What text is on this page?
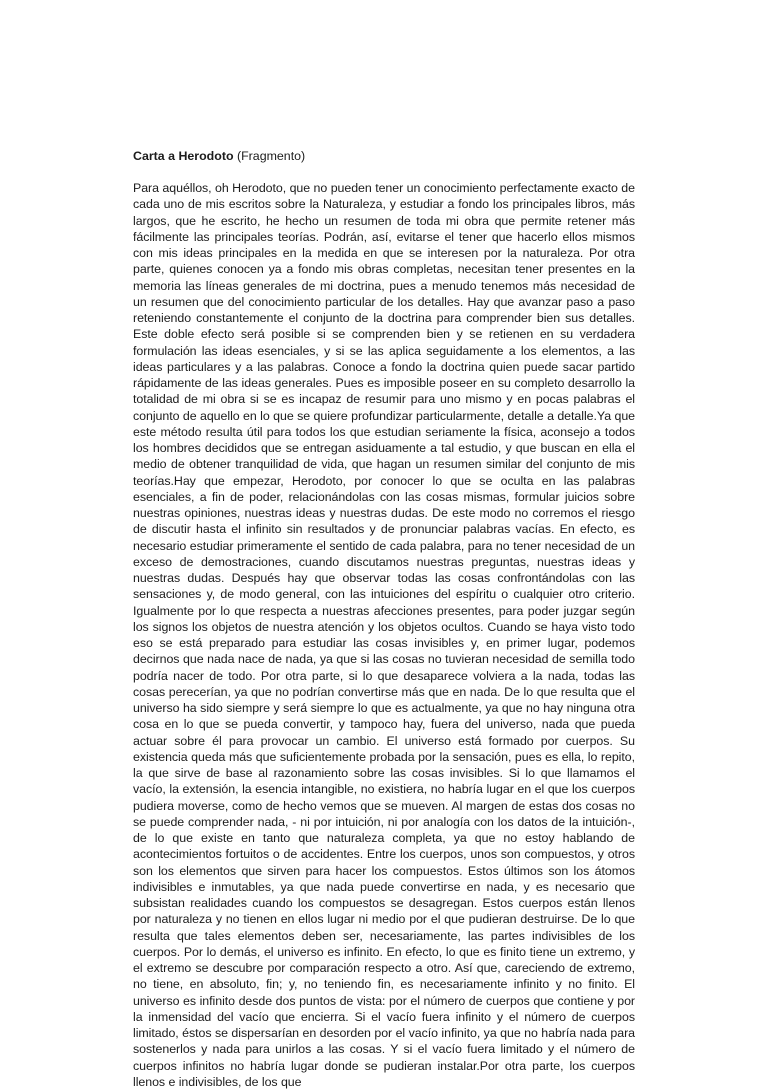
Carta a Herodoto (Fragmento)

Para aquéllos, oh Herodoto, que no pueden tener un conocimiento perfectamente exacto de cada uno de mis escritos sobre la Naturaleza, y estudiar a fondo los principales libros, más largos, que he escrito, he hecho un resumen de toda mi obra que permite retener más fácilmente las principales teorías. Podrán, así, evitarse el tener que hacerlo ellos mismos con mis ideas principales en la medida en que se interesen por la naturaleza. Por otra parte, quienes conocen ya a fondo mis obras completas, necesitan tener presentes en la memoria las líneas generales de mi doctrina, pues a menudo tenemos más necesidad de un resumen que del conocimiento particular de los detalles. Hay que avanzar paso a paso reteniendo constantemente el conjunto de la doctrina para comprender bien sus detalles. Este doble efecto será posible si se comprenden bien y se retienen en su verdadera formulación las ideas esenciales, y si se las aplica seguidamente a los elementos, a las ideas particulares y a las palabras. Conoce a fondo la doctrina quien puede sacar partido rápidamente de las ideas generales. Pues es imposible poseer en su completo desarrollo la totalidad de mi obra si se es incapaz de resumir para uno mismo y en pocas palabras el conjunto de aquello en lo que se quiere profundizar particularmente, detalle a detalle.Ya que este método resulta útil para todos los que estudian seriamente la física, aconsejo a todos los hombres decididos que se entregan asiduamente a tal estudio, y que buscan en ella el medio de obtener tranquilidad de vida, que hagan un resumen similar del conjunto de mis teorías.Hay que empezar, Herodoto, por conocer lo que se oculta en las palabras esenciales, a fin de poder, relacionándolas con las cosas mismas, formular juicios sobre nuestras opiniones, nuestras ideas y nuestras dudas. De este modo no corremos el riesgo de discutir hasta el infinito sin resultados y de pronunciar palabras vacías. En efecto, es necesario estudiar primeramente el sentido de cada palabra, para no tener necesidad de un exceso de demostraciones, cuando discutamos nuestras preguntas, nuestras ideas y nuestras dudas. Después hay que observar todas las cosas confrontándolas con las sensaciones y, de modo general, con las intuiciones del espíritu o cualquier otro criterio. Igualmente por lo que respecta a nuestras afecciones presentes, para poder juzgar según los signos los objetos de nuestra atención y los objetos ocultos. Cuando se haya visto todo eso se está preparado para estudiar las cosas invisibles y, en primer lugar, podemos decirnos que nada nace de nada, ya que si las cosas no tuvieran necesidad de semilla todo podría nacer de todo. Por otra parte, si lo que desaparece volviera a la nada, todas las cosas perecerían, ya que no podrían convertirse más que en nada. De lo que resulta que el universo ha sido siempre y será siempre lo que es actualmente, ya que no hay ninguna otra cosa en lo que se pueda convertir, y tampoco hay, fuera del universo, nada que pueda actuar sobre él para provocar un cambio. El universo está formado por cuerpos. Su existencia queda más que suficientemente probada por la sensación, pues es ella, lo repito, la que sirve de base al razonamiento sobre las cosas invisibles. Si lo que llamamos el vacío, la extensión, la esencia intangible, no existiera, no habría lugar en el que los cuerpos pudiera moverse, como de hecho vemos que se mueven. Al margen de estas dos cosas no se puede comprender nada, - ni por intuición, ni por analogía con los datos de la intuición-, de lo que existe en tanto que naturaleza completa, ya que no estoy hablando de acontecimientos fortuitos o de accidentes. Entre los cuerpos, unos son compuestos, y otros son los elementos que sirven para hacer los compuestos. Estos últimos son los átomos indivisibles e inmutables, ya que nada puede convertirse en nada, y es necesario que subsistan realidades cuando los compuestos se desagregan. Estos cuerpos están llenos por naturaleza y no tienen en ellos lugar ni medio por el que pudieran destruirse. De lo que resulta que tales elementos deben ser, necesariamente, las partes indivisibles de los cuerpos. Por lo demás, el universo es infinito. En efecto, lo que es finito tiene un extremo, y el extremo se descubre por comparación respecto a otro. Así que, careciendo de extremo, no tiene, en absoluto, fin; y, no teniendo fin, es necesariamente infinito y no finito. El universo es infinito desde dos puntos de vista: por el número de cuerpos que contiene y por la inmensidad del vacío que encierra. Si el vacío fuera infinito y el número de cuerpos limitado, éstos se dispersarían en desorden por el vacío infinito, ya que no habría nada para sostenerlos y nada para unirlos a las cosas. Y si el vacío fuera limitado y el número de cuerpos infinitos no habría lugar donde se pudieran instalar.Por otra parte, los cuerpos llenos e indivisibles, de los que
